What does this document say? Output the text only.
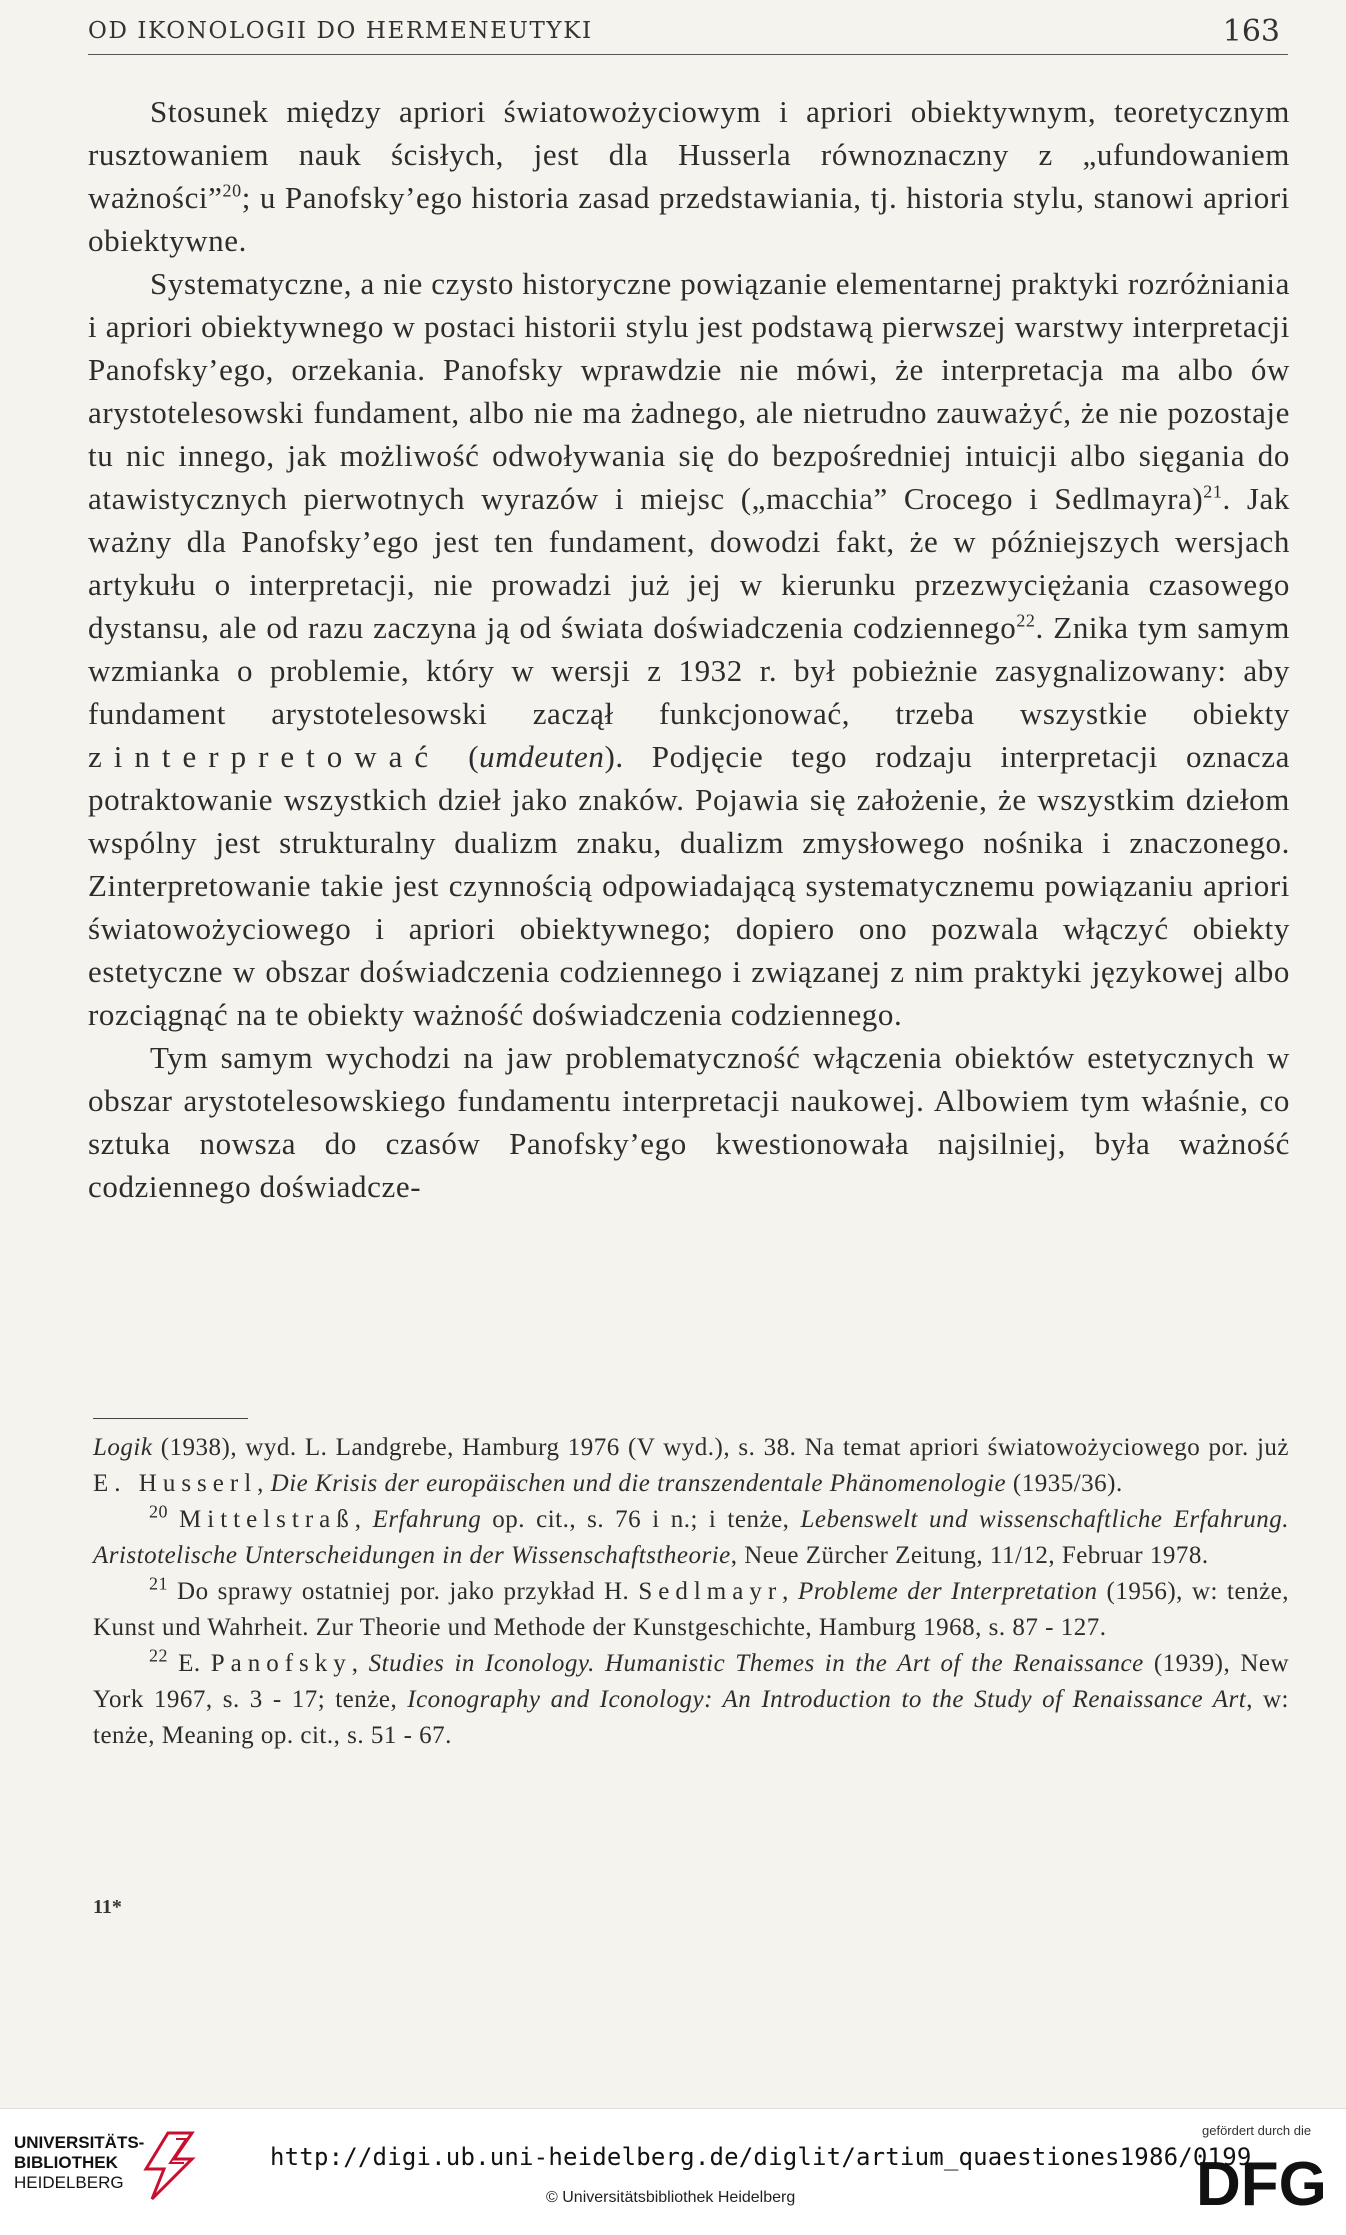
OD IKONOLOGII DO HERMENEUTYKI	163

Stosunek między apriori światowożyciowym i apriori obiektywnym, teoretycznym rusztowaniem nauk ścisłych, jest dla Husserla równoznaczny z „ufundowaniem ważności”$^{20}$; u Panofsky’ego historia zasad przedstawiania, tj. historia stylu, stanowi apriori obiektywne.

Systematyczne, a nie czysto historyczne powiązanie elementarnej praktyki rozróżniania i apriori obiektywnego w postaci historii stylu jest podstawą pierwszej warstwy interpretacji Panofsky’ego, orzekania. Panofsky wprawdzie nie mówi, że interpretacja ma albo ów arystotelesowski fundament, albo nie ma żadnego, ale nietrudno zauważyć, że nie pozostaje tu nic innego, jak możliwość odwoływania się do bezpośredniej intuicji albo sięgania do atawistycznych pierwotnych wyrazów i miejsc („macchia” Crocego i Sedlmayra)$^{21}$. Jak ważny dla Panofsky’ego jest ten fundament, dowodzi fakt, że w późniejszych wersjach artykułu o interpretacji, nie prowadzi już jej w kierunku przezwyciężania czasowego dystansu, ale od razu zaczyna ją od świata doświadczenia codziennego$^{22}$. Znika tym samym wzmianka o problemie, który w wersji z 1932 r. był pobieżnie zasygnalizowany: aby fundament arystotelesowski zaczął funkcjonować, trzeba wszystkie obiekty zinterpretować (umdeuten). Podjęcie tego rodzaju interpretacji oznacza potraktowanie wszystkich dzieł jako znaków. Pojawia się założenie, że wszystkim dziełom wspólny jest strukturalny dualizm znaku, dualizm zmysłowego nośnika i znaczonego. Zinterpretowanie takie jest czynnością odpowiadającą systematycznemu powiązaniu apriori światowożyciowego i apriori obiektywnego; dopiero ono pozwala włączyć obiekty estetyczne w obszar doświadczenia codziennego i związanej z nim praktyki językowej albo rozciągnąć na te obiekty ważność doświadczenia codziennego.

Tym samym wychodzi na jaw problematyczność włączenia obiektów estetycznych w obszar arystotelesowskiego fundamentu interpretacji naukowej. Albowiem tym właśnie, co sztuka nowsza do czasów Panofsky’ego kwestionowała najsilniej, była ważność codziennego doświadcze-

Logik (1938), wyd. L. Landgrebe, Hamburg 1976 (V wyd.), s. 38. Na temat apriori światowożyciowego por. już E. Husserl, Die Krisis der europäischen und die transzendentale Phänomenologie (1935/36).

$^{20}$ Mittelstraß, Erfahrung op. cit., s. 76 i n.; i tenże, Lebenswelt und wissenschaftliche Erfahrung. Aristotelische Unterscheidungen in der Wissenschaftstheorie, Neue Zürcher Zeitung, 11/12, Februar 1978.

$^{21}$ Do sprawy ostatniej por. jako przykład H. Sedlmayr, Probleme der Interpretation (1956), w: tenże, Kunst und Wahrheit. Zur Theorie und Methode der Kunstgeschichte, Hamburg 1968, s. 87 - 127.

$^{22}$ E. Panofsky, Studies in Iconology. Humanistic Themes in the Art of the Renaissance (1939), New York 1967, s. 3 - 17; tenże, Iconography and Iconology: An Introduction to the Study of Renaissance Art, w: tenże, Meaning op. cit., s. 51 - 67.

11*
UNIVERSITÄTS-
BIBLIOTHEK
HEIDELBERG
http://digi.ub.uni-heidelberg.de/diglit/artium_quaestiones1986/0199
© Universitätsbibliothek Heidelberg
gefördert durch die
DFG
